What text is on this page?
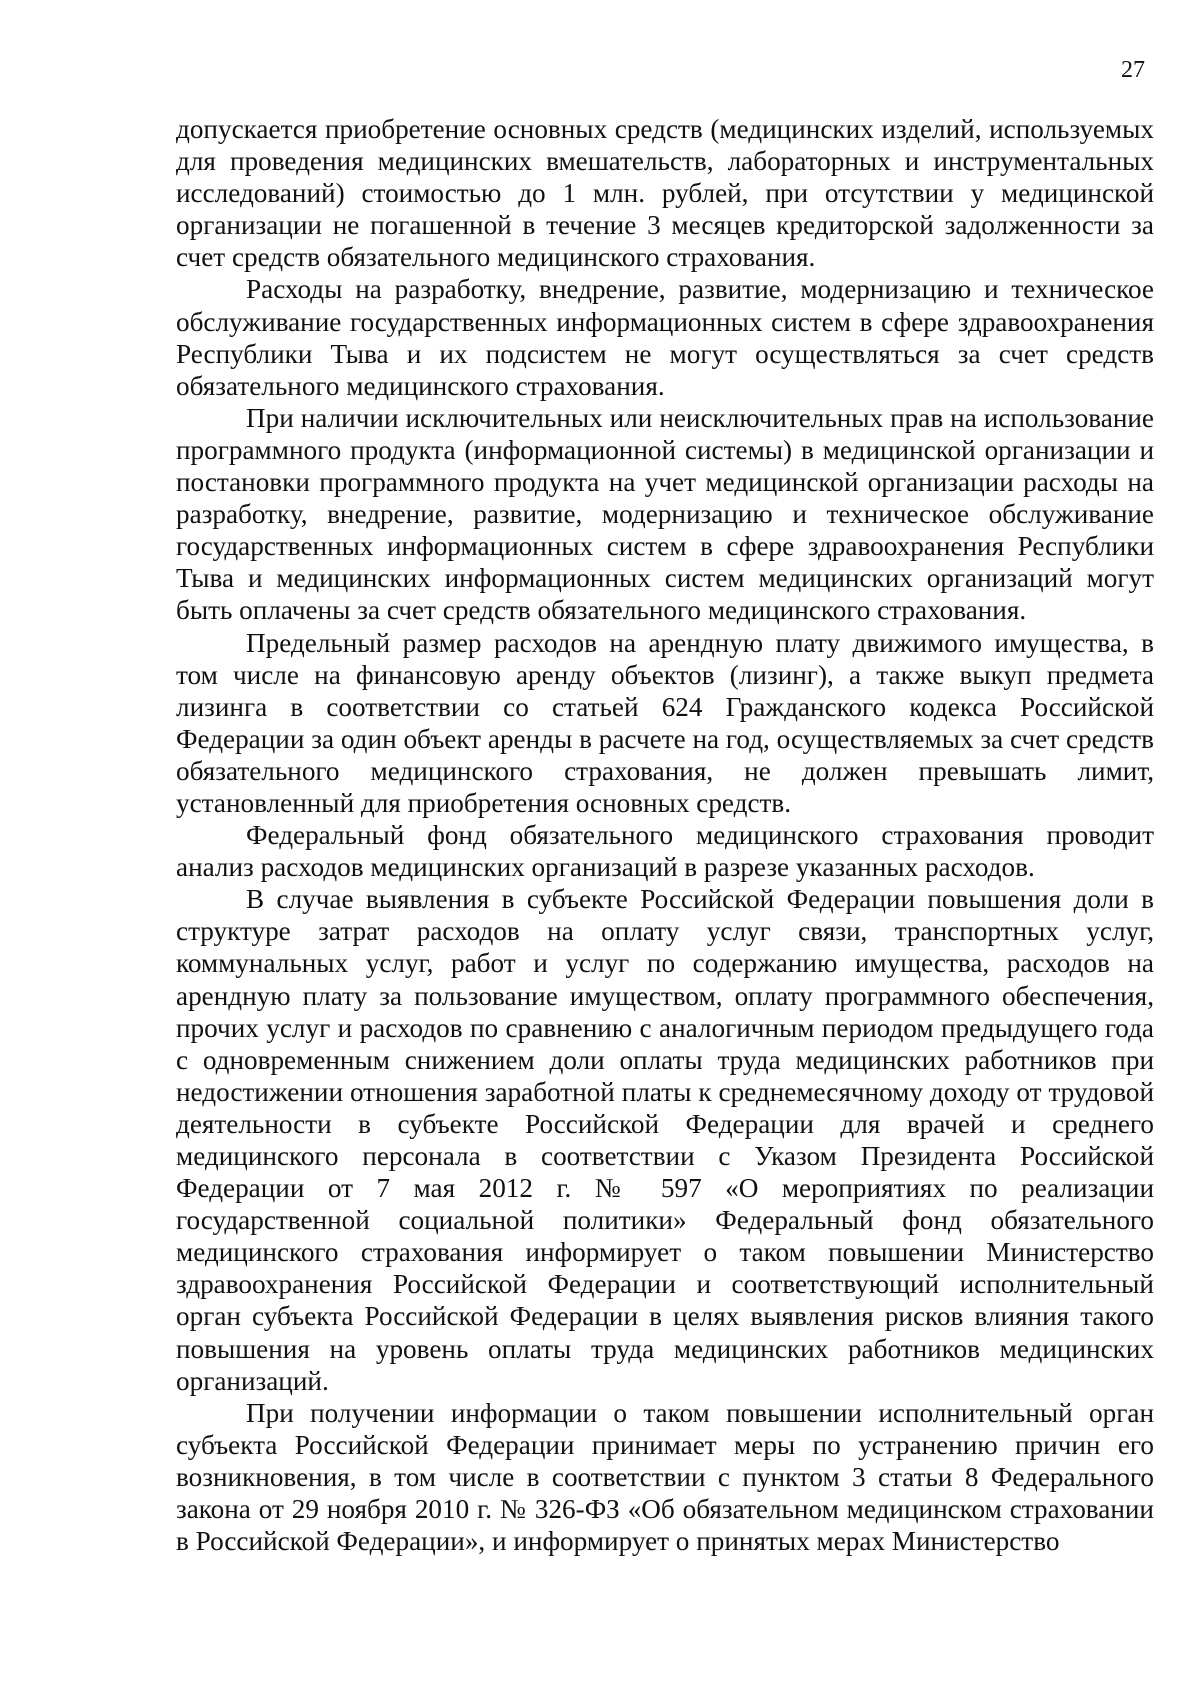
27

допускается приобретение основных средств (медицинских изделий, используемых для проведения медицинских вмешательств, лабораторных и инструментальных исследований) стоимостью до 1 млн. рублей, при отсутствии у медицинской организации не погашенной в течение 3 месяцев кредиторской задолженности за счет средств обязательного медицинского страхования.

Расходы на разработку, внедрение, развитие, модернизацию и техническое обслуживание государственных информационных систем в сфере здравоохранения Республики Тыва и их подсистем не могут осуществляться за счет средств обязательного медицинского страхования.

При наличии исключительных или неисключительных прав на использование программного продукта (информационной системы) в медицинской организации и постановки программного продукта на учет медицинской организации расходы на разработку, внедрение, развитие, модернизацию и техническое обслуживание государственных информационных систем в сфере здравоохранения Республики Тыва и медицинских информационных систем медицинских организаций могут быть оплачены за счет средств обязательного медицинского страхования.

Предельный размер расходов на арендную плату движимого имущества, в том числе на финансовую аренду объектов (лизинг), а также выкуп предмета лизинга в соответствии со статьей 624 Гражданского кодекса Российской Федерации за один объект аренды в расчете на год, осуществляемых за счет средств обязательного медицинского страхования, не должен превышать лимит, установленный для приобретения основных средств.

Федеральный фонд обязательного медицинского страхования проводит анализ расходов медицинских организаций в разрезе указанных расходов.

В случае выявления в субъекте Российской Федерации повышения доли в структуре затрат расходов на оплату услуг связи, транспортных услуг, коммунальных услуг, работ и услуг по содержанию имущества, расходов на арендную плату за пользование имуществом, оплату программного обеспечения, прочих услуг и расходов по сравнению с аналогичным периодом предыдущего года с одновременным снижением доли оплаты труда медицинских работников при недостижении отношения заработной платы к среднемесячному доходу от трудовой деятельности в субъекте Российской Федерации для врачей и среднего медицинского персонала в соответствии с Указом Президента Российской Федерации от 7 мая 2012 г. № 597 «О мероприятиях по реализации государственной социальной политики» Федеральный фонд обязательного медицинского страхования информирует о таком повышении Министерство здравоохранения Российской Федерации и соответствующий исполнительный орган субъекта Российской Федерации в целях выявления рисков влияния такого повышения на уровень оплаты труда медицинских работников медицинских организаций.

При получении информации о таком повышении исполнительный орган субъекта Российской Федерации принимает меры по устранению причин его возникновения, в том числе в соответствии с пунктом 3 статьи 8 Федерального закона от 29 ноября 2010 г. № 326-ФЗ «Об обязательном медицинском страховании в Российской Федерации», и информирует о принятых мерах Министерство
